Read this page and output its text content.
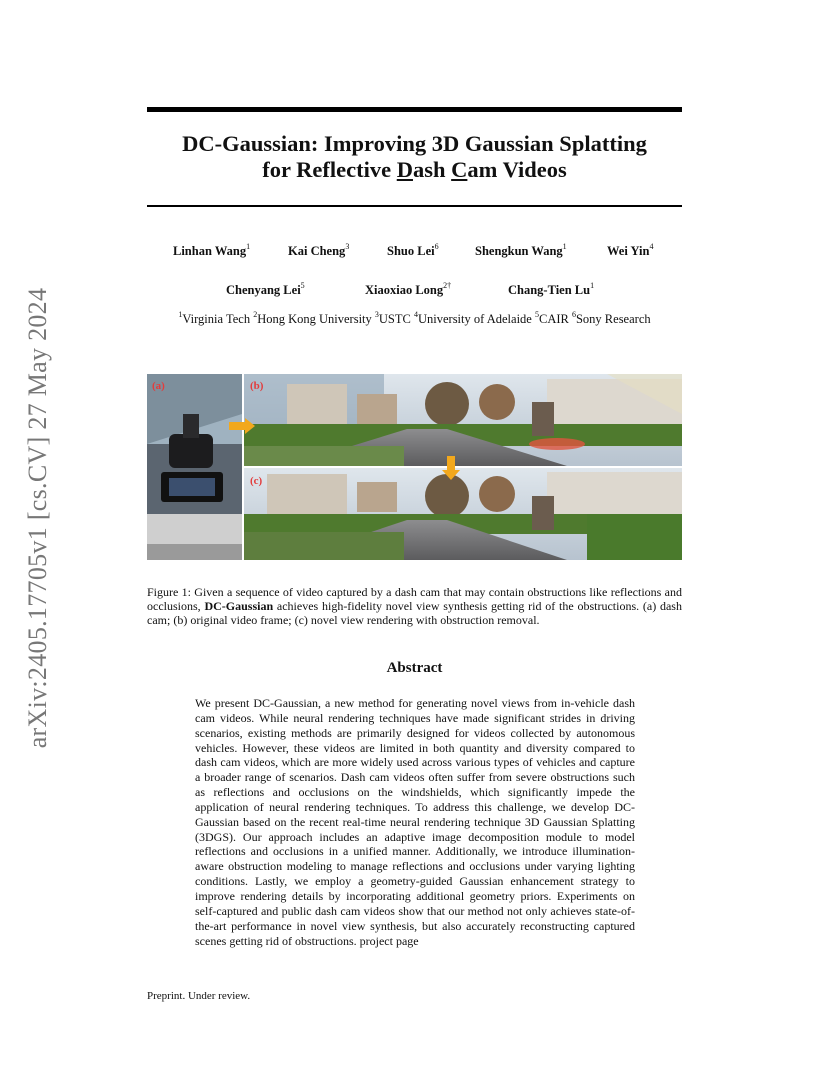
arXiv:2405.17705v1 [cs.CV] 27 May 2024
DC-Gaussian: Improving 3D Gaussian Splatting
for Reflective Dash Cam Videos
Linhan Wang$^1$	Kai Cheng$^3$	Shuo Lei$^6$	Shengkun Wang$^1$	Wei Yin$^4$
Chenyang Lei$^5$	Xiaoxiao Long$^{2\dagger}$	Chang-Tien Lu$^1$
$^1$Virginia Tech $^2$Hong Kong University $^3$USTC $^4$University of Adelaide $^5$CAIR $^6$Sony Research
(a)	(b)
(c)
Figure 1: Given a sequence of video captured by a dash cam that may contain obstructions like reflections and occlusions, DC-Gaussian achieves high-fidelity novel view synthesis getting rid of the obstructions. (a) dash cam; (b) original video frame; (c) novel view rendering with obstruction removal.
Abstract
We present DC-Gaussian, a new method for generating novel views from in-vehicle dash cam videos. While neural rendering techniques have made significant strides in driving scenarios, existing methods are primarily designed for videos collected by autonomous vehicles. However, these videos are limited in both quantity and diversity compared to dash cam videos, which are more widely used across various types of vehicles and capture a broader range of scenarios. Dash cam videos often suffer from severe obstructions such as reflections and occlusions on the windshields, which significantly impede the application of neural rendering techniques. To address this challenge, we develop DC-Gaussian based on the recent real-time neural rendering technique 3D Gaussian Splatting (3DGS). Our approach includes an adaptive image decomposition module to model reflections and occlusions in a unified manner. Additionally, we introduce illumination-aware obstruction modeling to manage reflections and occlusions under varying lighting conditions. Lastly, we employ a geometry-guided Gaussian enhancement strategy to improve rendering details by incorporating additional geometry priors. Experiments on self-captured and public dash cam videos show that our method not only achieves state-of-the-art performance in novel view synthesis, but also accurately reconstructing captured scenes getting rid of obstructions. project page
Preprint. Under review.
